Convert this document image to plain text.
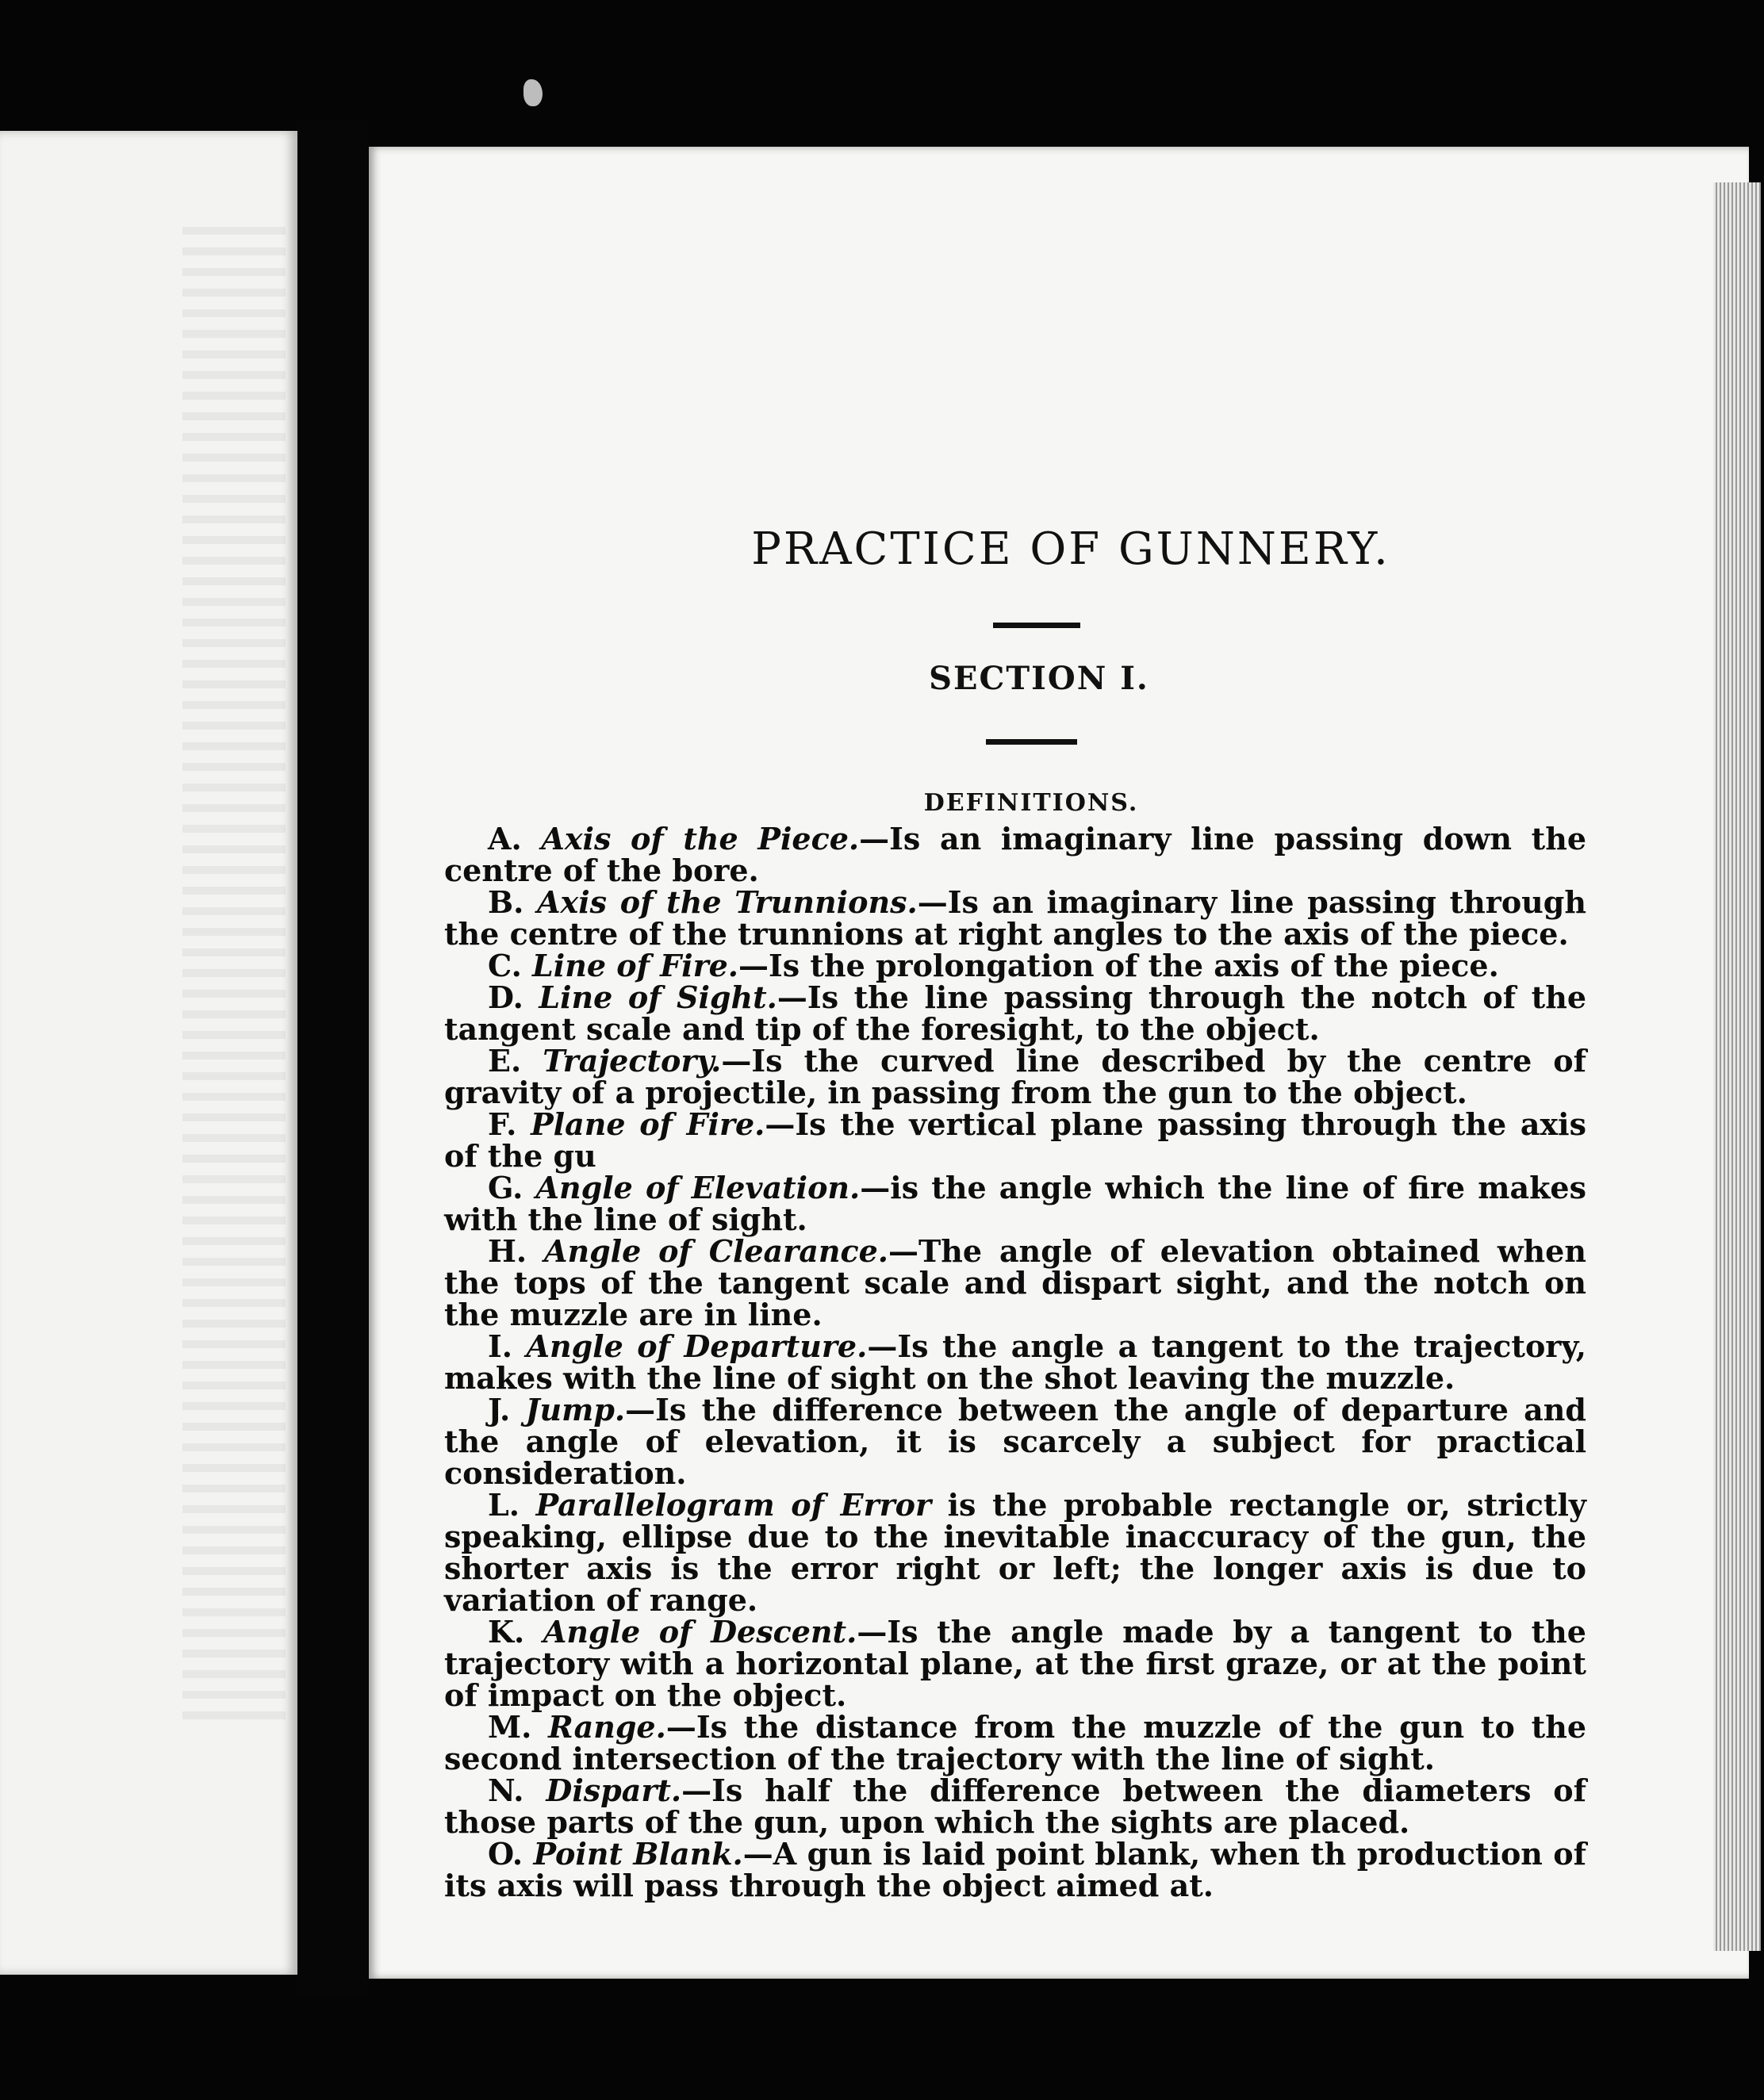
PRACTICE OF GUNNERY.
SECTION I.
DEFINITIONS.

A. Axis of the Piece.—Is an imaginary line passing down the centre of the bore.

B. Axis of the Trunnions.—Is an imaginary line passing through the centre of the trunnions at right angles to the axis of the piece.

C. Line of Fire.—Is the prolongation of the axis of the piece.

D. Line of Sight.—Is the line passing through the notch of the tangent scale and tip of the foresight, to the object.

E. Trajectory.—Is the curved line described by the centre of gravity of a projectile, in passing from the gun to the object.

F. Plane of Fire.—Is the vertical plane passing through the axis of the gu

G. Angle of Elevation.—is the angle which the line of fire makes with the line of sight.

H. Angle of Clearance.—The angle of elevation obtained when the tops of the tangent scale and dispart sight, and the notch on the muzzle are in line.

I. Angle of Departure.—Is the angle a tangent to the trajectory, makes with the line of sight on the shot leaving the muzzle.

J. Jump.—Is the difference between the angle of departure and the angle of elevation, it is scarcely a subject for practical consideration.

L. Parallelogram of Error is the probable rectangle or, strictly speaking, ellipse due to the inevitable inaccuracy of the gun, the shorter axis is the error right or left; the longer axis is due to variation of range.

K. Angle of Descent.—Is the angle made by a tangent to the trajectory with a horizontal plane, at the first graze, or at the point of impact on the object.

M. Range.—Is the distance from the muzzle of the gun to the second intersection of the trajectory with the line of sight.

N. Dispart.—Is half the difference between the diameters of those parts of the gun, upon which the sights are placed.

O. Point Blank.—A gun is laid point blank, when th production of its axis will pass through the object aimed at.
